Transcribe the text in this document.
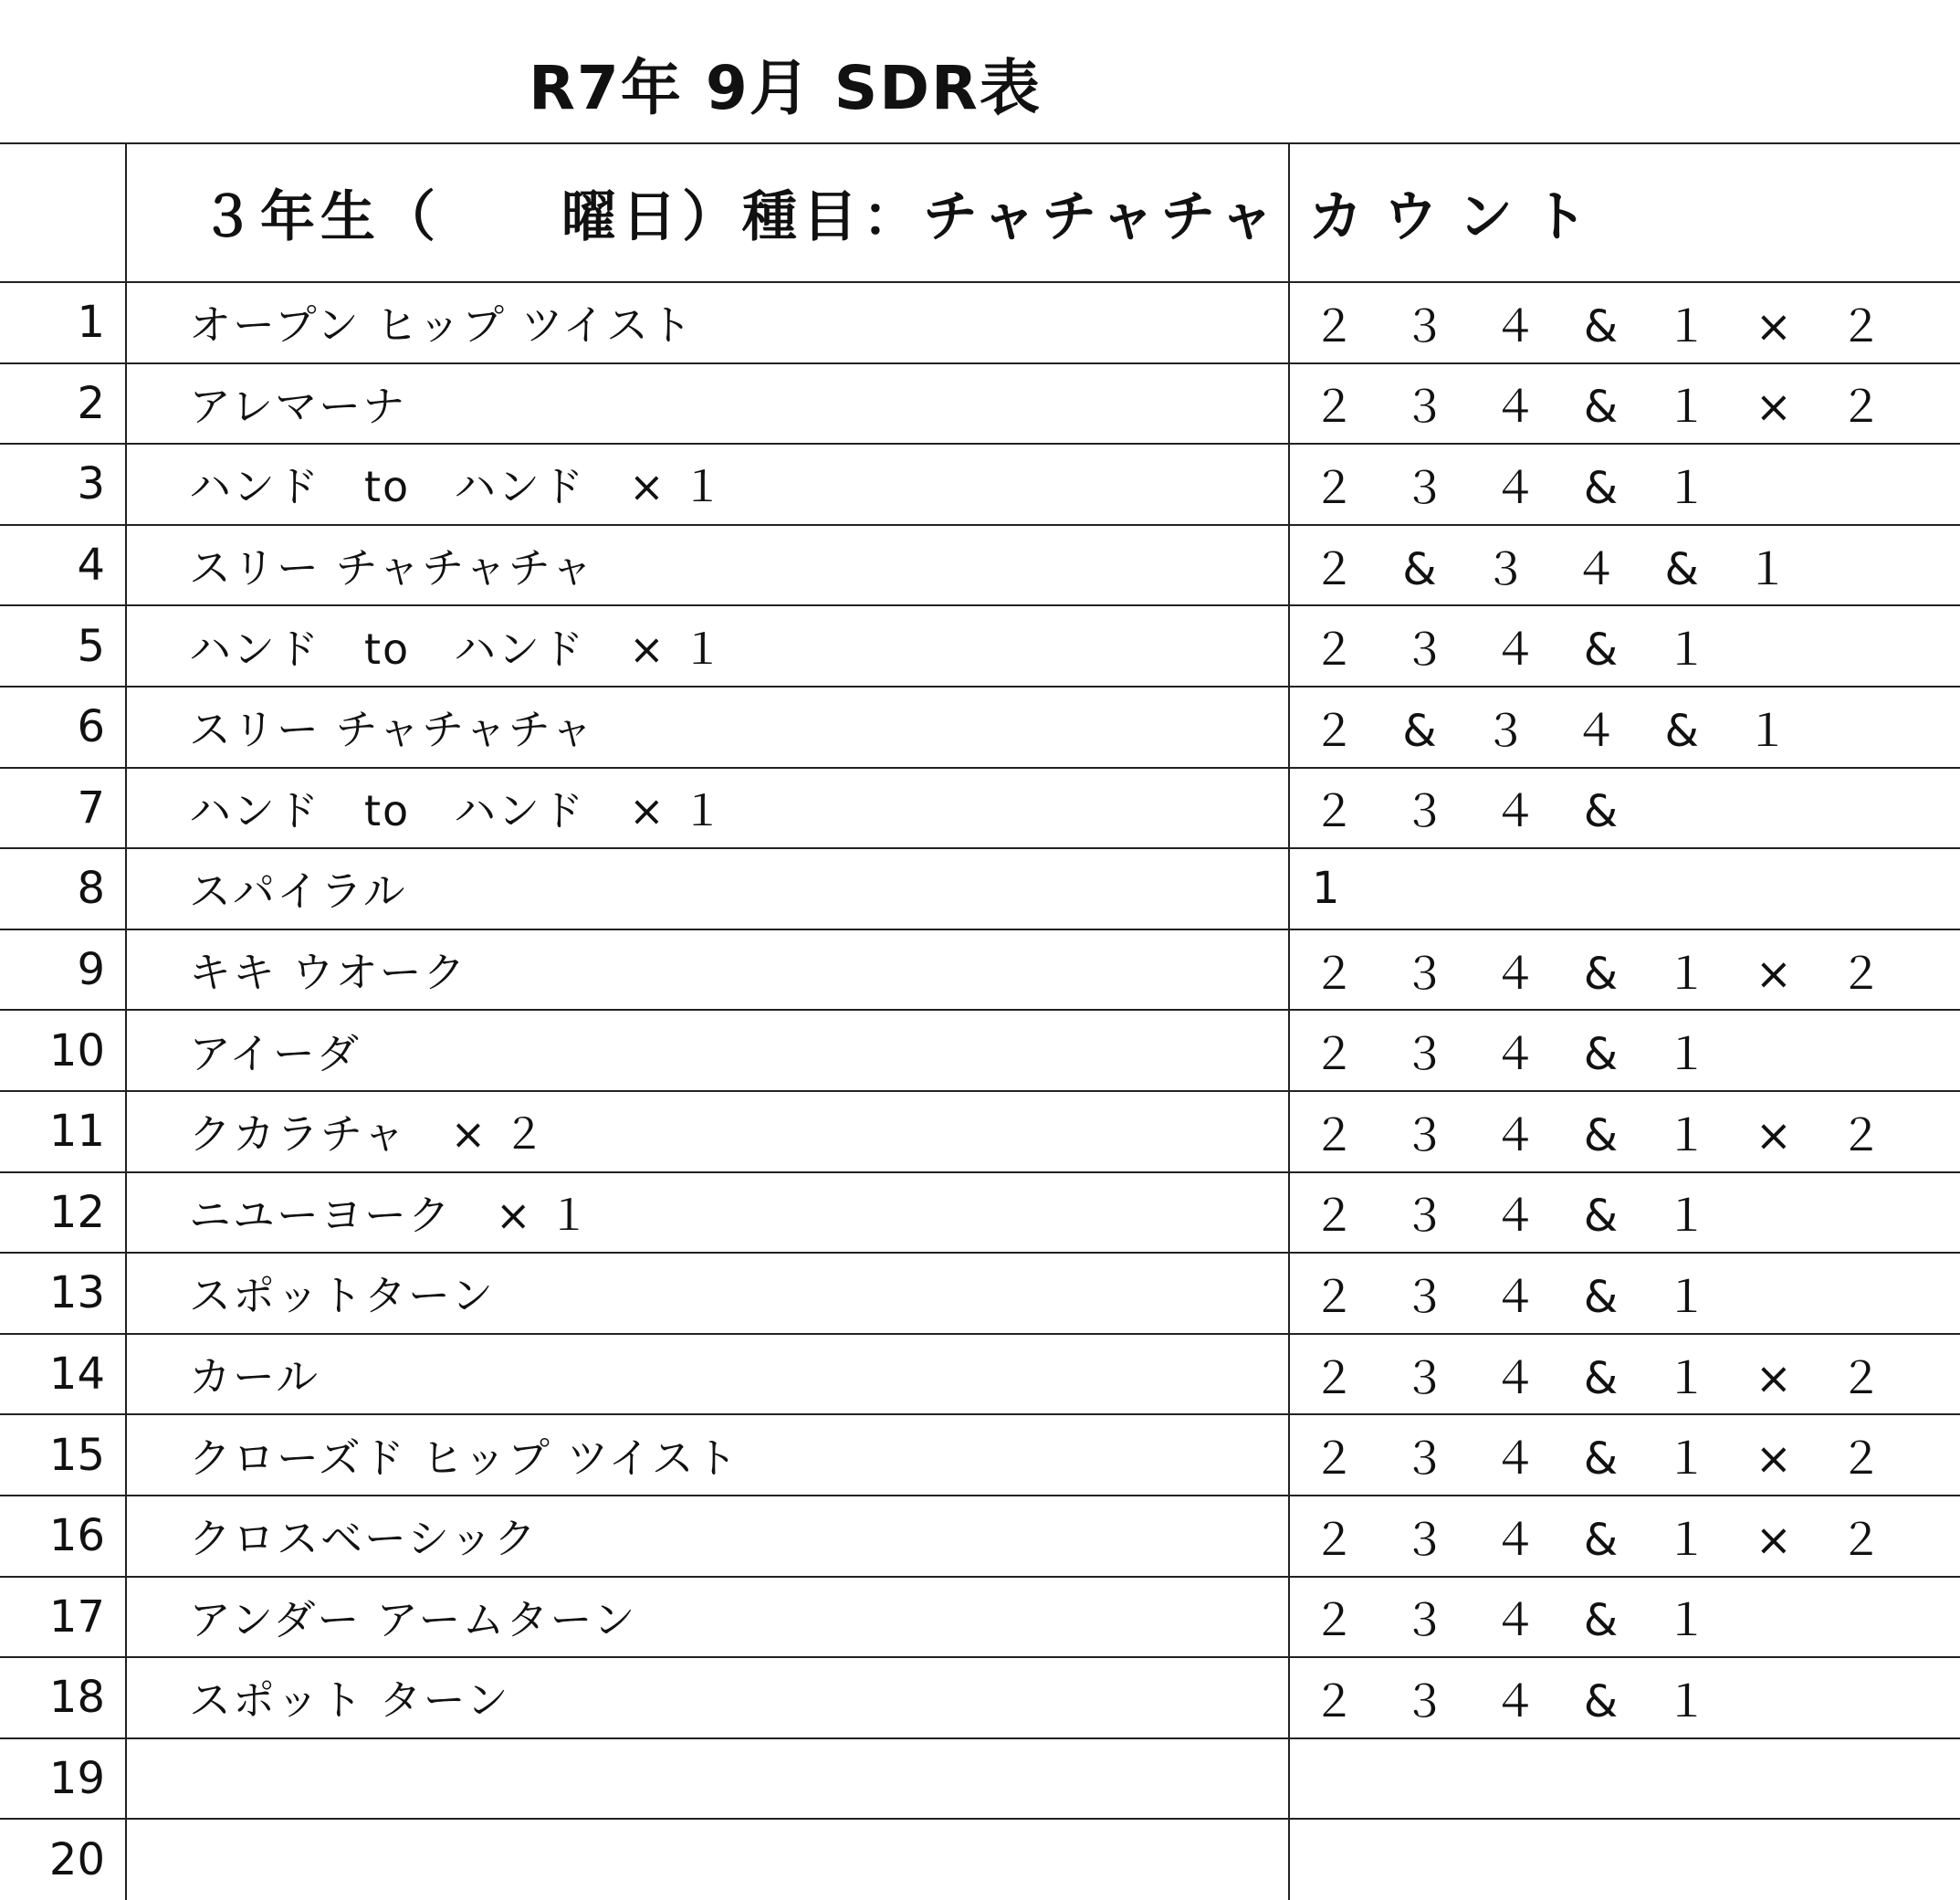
R7年 9月 SDR表
	３年生（　　曜日）種目：チャチャチャ	カウント
1	オープン ヒップ ツイスト	２ ３ ４ & １ × ２
2	アレマーナ	２ ３ ４ & １ × ２
3	ハンド　to　ハンド　× １	２ ３ ４ & １
4	スリー チャチャチャ	２ & ３ ４ & １
5	ハンド　to　ハンド　× １	２ ３ ４ & １
6	スリー チャチャチャ	２ & ３ ４ & １
7	ハンド　to　ハンド　× １	２ ３ ４ &
8	スパイラル	1
9	キキ ウオーク	２ ３ ４ & １ × ２
10	アイーダ	２ ３ ４ & １
11	クカラチャ　× ２	２ ３ ４ & １ × ２
12	ニユーヨーク　× １	２ ３ ４ & １
13	スポットターン	２ ３ ４ & １
14	カール	２ ３ ４ & １ × ２
15	クローズド ヒップ ツイスト	２ ３ ４ & １ × ２
16	クロスベーシック	２ ３ ４ & １ × ２
17	アンダー アームターン	２ ３ ４ & １
18	スポット ターン	２ ３ ４ & １
19		
20		
